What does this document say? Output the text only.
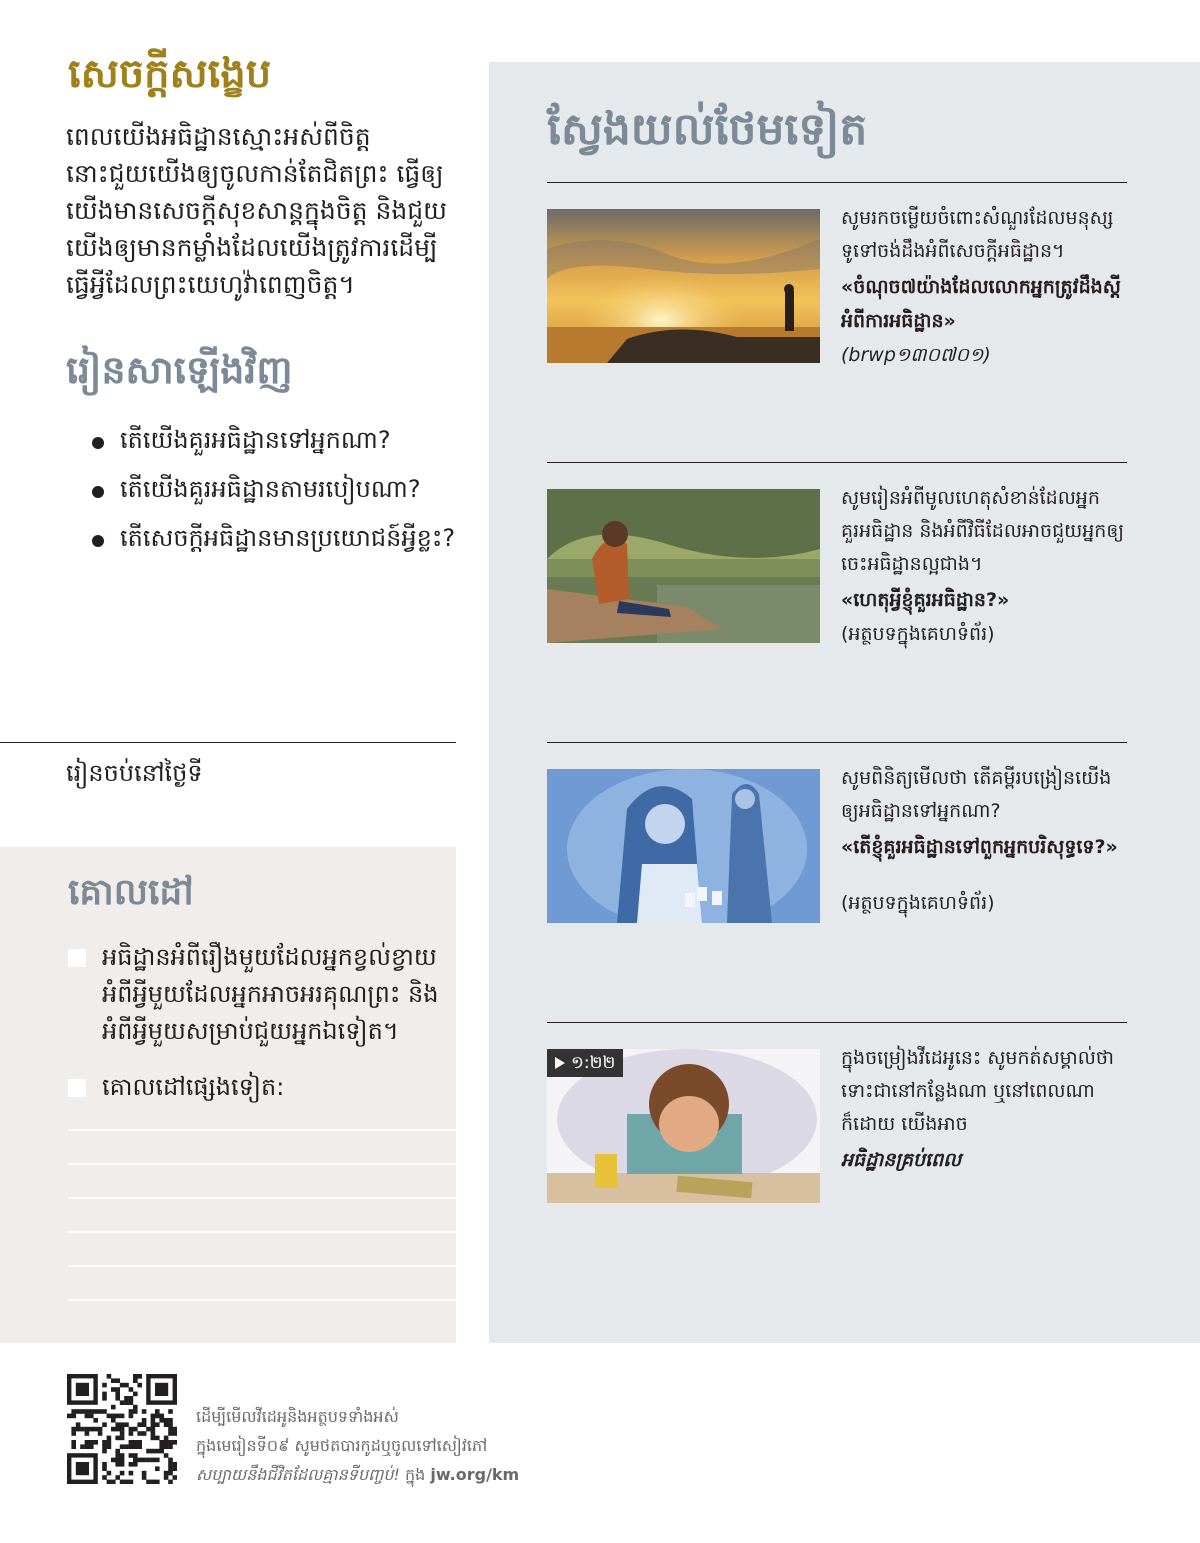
សេចក្ដីសង្ខេប

ពេលយើងអធិដ្ឋានស្មោះអស់ពីចិត្ត នោះជួយយើងឲ្យចូលកាន់តែជិតព្រះ ធ្វើឲ្យយើងមានសេចក្ដីសុខសាន្តក្នុងចិត្ត និងជួយយើងឲ្យមានកម្លាំងដែលយើងត្រូវការដើម្បីធ្វើអ្វីដែលព្រះយេហូវ៉ាពេញចិត្ត។

រៀនសាឡើងវិញ
តើយើងគួរអធិដ្ឋានទៅអ្នកណា?
តើយើងគួរអធិដ្ឋានតាមរបៀបណា?
តើសេចក្ដីអធិដ្ឋានមានប្រយោជន៍អ្វីខ្លះ?
រៀនចប់នៅថ្ងៃទី
គោលដៅ
អធិដ្ឋានអំពីរឿងមួយដែលអ្នកខ្វល់ខ្វាយ អំពីអ្វីមួយដែលអ្នកអាចអរគុណព្រះ និងអំពីអ្វីមួយសម្រាប់ជួយអ្នកឯទៀត។
គោលដៅផ្សេងទៀត:
ស្វែងយល់ថែមទៀត

សូមរកចម្លើយចំពោះសំណួរដែលមនុស្សទូទៅចង់ដឹងអំពីសេចក្ដីអធិដ្ឋាន។

«ចំណុច៧យ៉ាងដែលលោកអ្នកត្រូវដឹងស្ដីអំពីការអធិដ្ឋាន»

(brwp១៣០៧០១)

សូមរៀនអំពីមូលហេតុសំខាន់ដែលអ្នកគួរអធិដ្ឋាន និងអំពីវិធីដែលអាចជួយអ្នកឲ្យចេះអធិដ្ឋានល្អជាង។

«ហេតុអ្វីខ្ញុំគួរអធិដ្ឋាន?»

(អត្ថបទក្នុងគេហទំព័រ)

សូមពិនិត្យមើលថា តើគម្ពីរបង្រៀនយើងឲ្យអធិដ្ឋានទៅអ្នកណា?

«តើខ្ញុំគួរអធិដ្ឋានទៅពួកអ្នកបរិសុទ្ធទេ?»

(អត្ថបទក្នុងគេហទំព័រ)

១:២២	ក្នុងចម្រៀងវីដេអូនេះ សូមកត់សម្គាល់ថា ទោះជានៅកន្លែងណា ឬនៅពេលណាក៏ដោយ យើងអាច

អធិដ្ឋានគ្រប់ពេល

ដើម្បីមើលវីដេអូនិងអត្ថបទទាំងអស់
ក្នុងមេរៀនទី០៩ សូមថតបារកូដឬចូលទៅសៀវភៅ
សប្បាយនឹងជីវិតដែលគ្មានទីបញ្ចប់! ក្នុង jw.org/km
